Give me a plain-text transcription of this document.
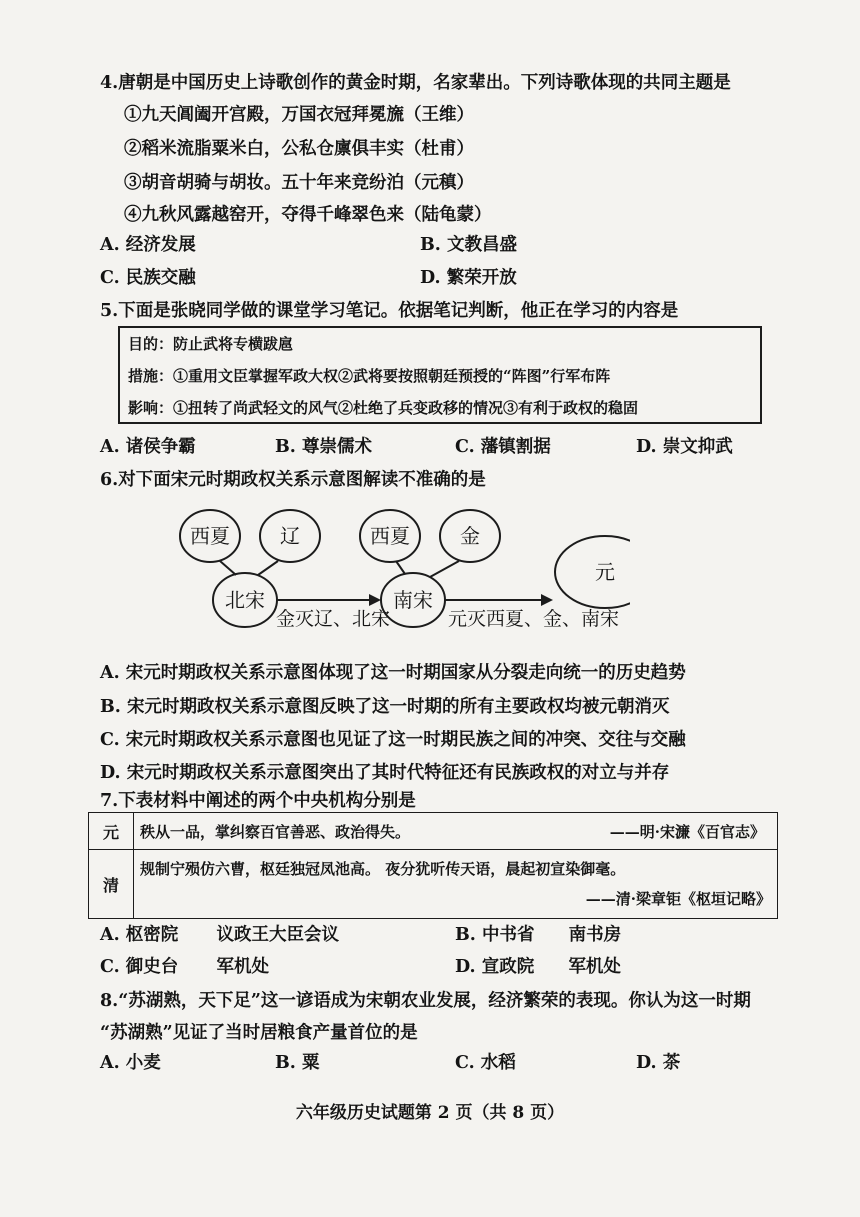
4.唐朝是中国历史上诗歌创作的黄金时期，名家辈出。下列诗歌体现的共同主题是
①九天阊阖开宫殿，万国衣冠拜冕旒（王维）
②稻米流脂粟米白，公私仓廪俱丰实（杜甫）
③胡音胡骑与胡妆。五十年来竞纷泊（元稹）
④九秋风露越窑开，夺得千峰翠色来（陆龟蒙）
A. 经济发展	B. 文教昌盛
C. 民族交融	D. 繁荣开放
5.下面是张晓同学做的课堂学习笔记。依据笔记判断，他正在学习的内容是
目的：防止武将专横跋扈
措施：①重用文臣掌握军政大权②武将要按照朝廷预授的“阵图”行军布阵
影响：①扭转了尚武轻文的风气②杜绝了兵变政移的情况③有利于政权的稳固
A. 诸侯争霸	B. 尊崇儒术	C. 藩镇割据	D. 崇文抑武
6.对下面宋元时期政权关系示意图解读不准确的是
西夏	辽	西夏	金
北宋	南宋
元
金灭辽、北宋	元灭西夏、金、南宋
A. 宋元时期政权关系示意图体现了这一时期国家从分裂走向统一的历史趋势
B. 宋元时期政权关系示意图反映了这一时期的所有主要政权均被元朝消灭
C. 宋元时期政权关系示意图也见证了这一时期民族之间的冲突、交往与交融
D. 宋元时期政权关系示意图突出了其时代特征还有民族政权的对立与并存
7.下表材料中阐述的两个中央机构分别是
元	秩从一品，掌纠察百官善恶、政治得失。 ——明·宋濂《百官志》

清	规制宁殒仿六曹，枢廷独冠凤池高。 夜分犹听传天语，晨起初宣染御毫。
——清·梁章钜《枢垣记略》
A. 枢密院 议政王大臣会议	B. 中书省 南书房
C. 御史台 军机处	D. 宣政院 军机处
8.“苏湖熟，天下足”这一谚语成为宋朝农业发展，经济繁荣的表现。你认为这一时期
“苏湖熟”见证了当时居粮食产量首位的是
A. 小麦	B. 粟	C. 水稻	D. 茶
六年级历史试题第 2 页（共 8 页）
